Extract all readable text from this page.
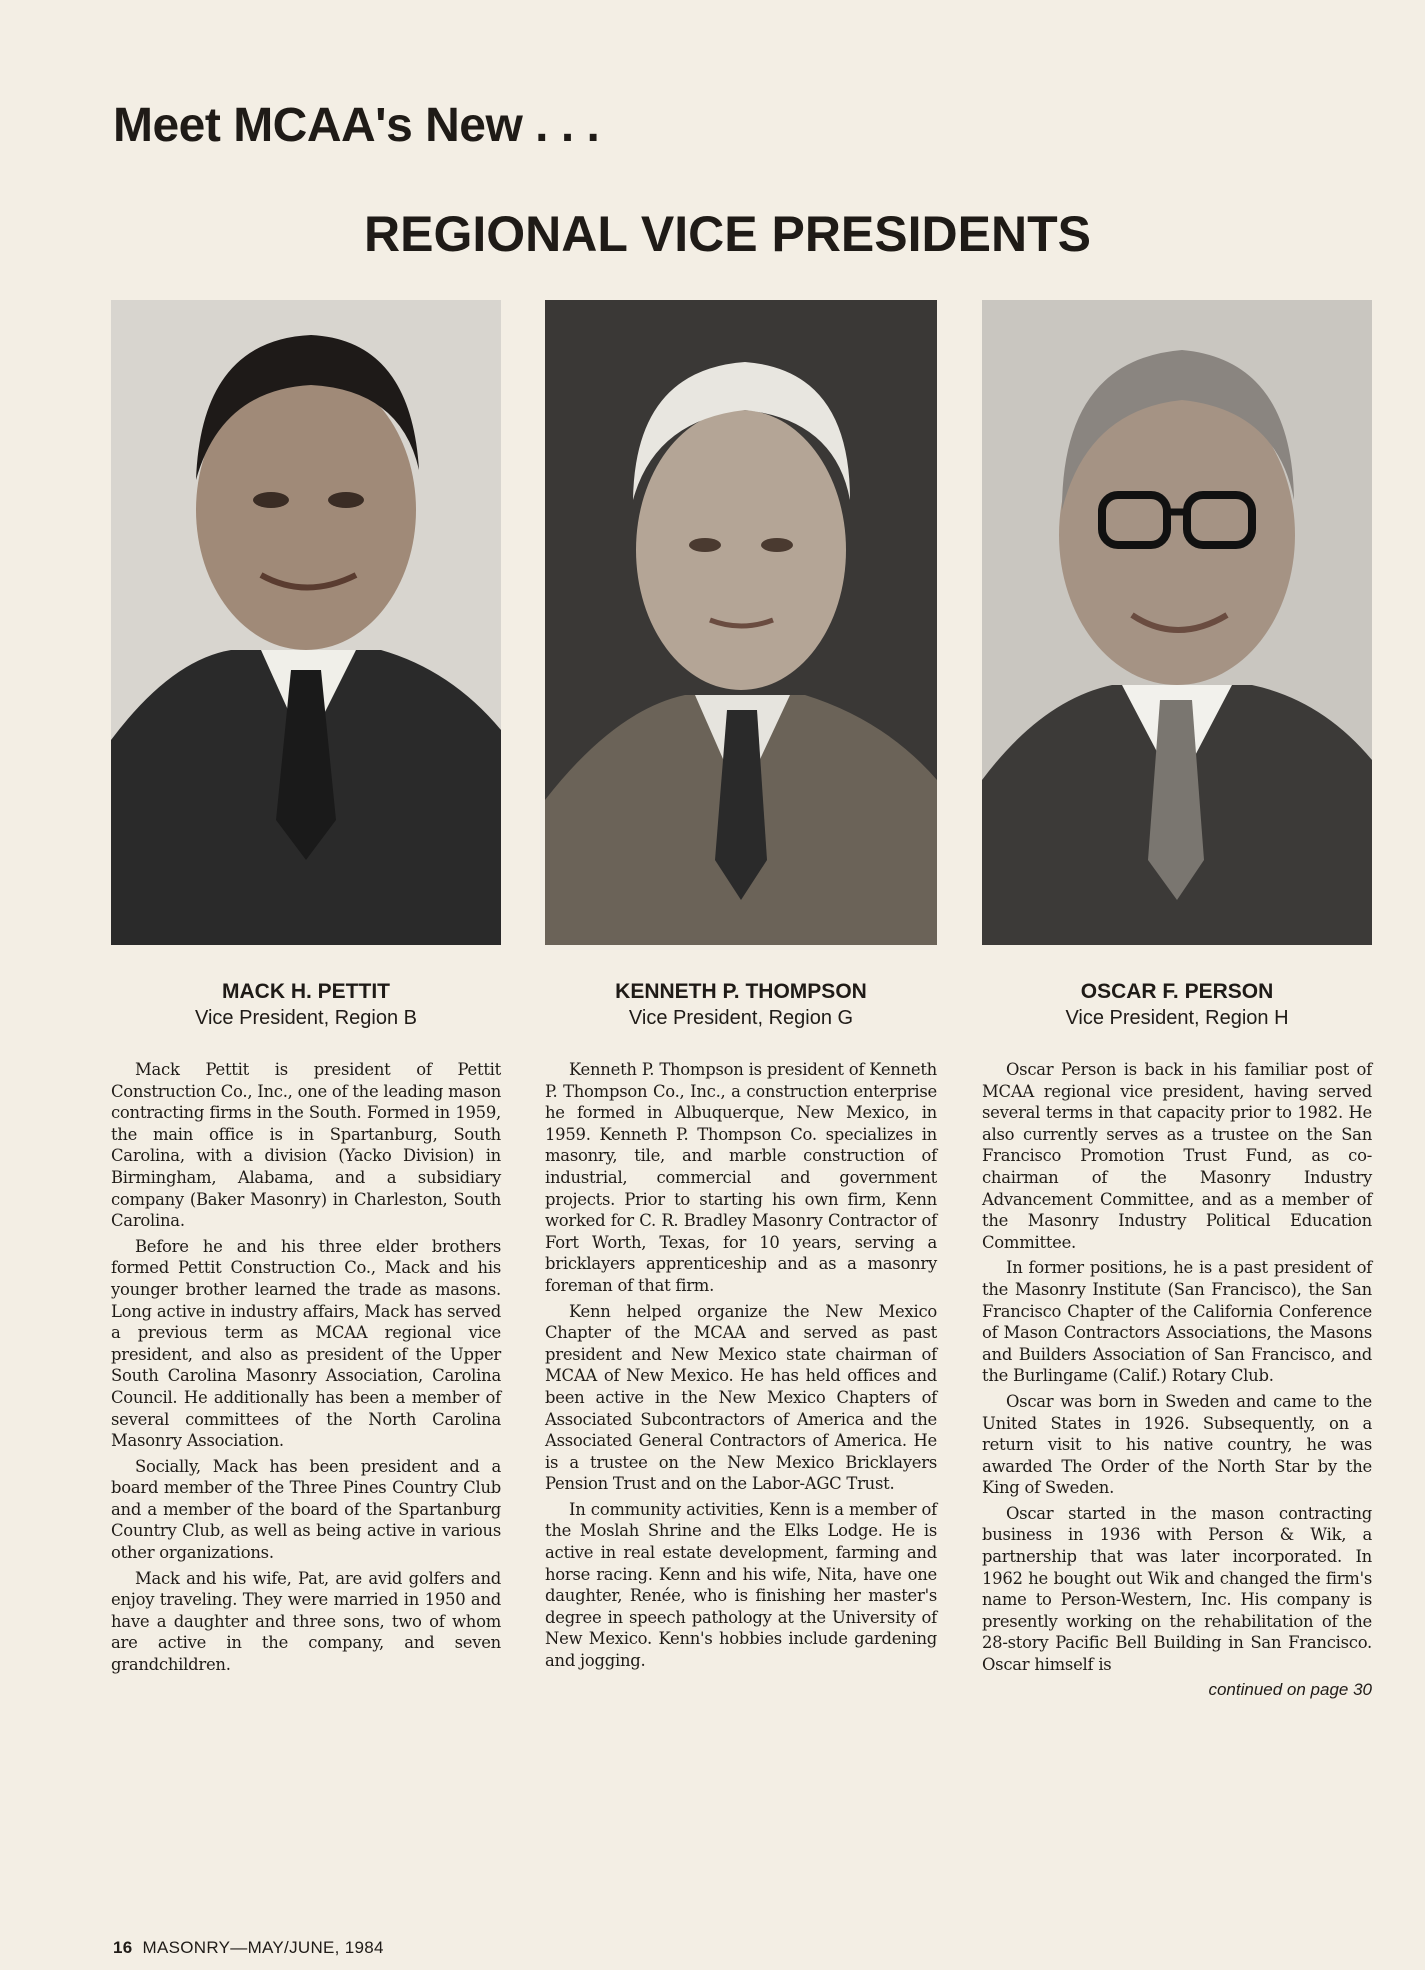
Meet MCAA's New . . .
REGIONAL VICE PRESIDENTS

MACK H. PETTIT

Vice President, Region B

Mack Pettit is president of Pettit Construction Co., Inc., one of the leading mason contracting firms in the South. Formed in 1959, the main office is in Spartanburg, South Carolina, with a division (Yacko Division) in Birmingham, Alabama, and a subsidiary company (Baker Masonry) in Charleston, South Carolina.

Before he and his three elder brothers formed Pettit Construction Co., Mack and his younger brother learned the trade as masons. Long active in industry affairs, Mack has served a previous term as MCAA regional vice president, and also as president of the Upper South Carolina Masonry Association, Carolina Council. He additionally has been a member of several committees of the North Carolina Masonry Association.

Socially, Mack has been president and a board member of the Three Pines Country Club and a member of the board of the Spartanburg Country Club, as well as being active in various other organizations.

Mack and his wife, Pat, are avid golfers and enjoy traveling. They were married in 1950 and have a daughter and three sons, two of whom are active in the company, and seven grandchildren.

KENNETH P. THOMPSON

Vice President, Region G

Kenneth P. Thompson is president of Kenneth P. Thompson Co., Inc., a construction enterprise he formed in Albuquerque, New Mexico, in 1959. Kenneth P. Thompson Co. specializes in masonry, tile, and marble construction of industrial, commercial and government projects. Prior to starting his own firm, Kenn worked for C. R. Bradley Masonry Contractor of Fort Worth, Texas, for 10 years, serving a bricklayers apprenticeship and as a masonry foreman of that firm.

Kenn helped organize the New Mexico Chapter of the MCAA and served as past president and New Mexico state chairman of MCAA of New Mexico. He has held offices and been active in the New Mexico Chapters of Associated Subcontractors of America and the Associated General Contractors of America. He is a trustee on the New Mexico Bricklayers Pension Trust and on the Labor-AGC Trust.

In community activities, Kenn is a member of the Moslah Shrine and the Elks Lodge. He is active in real estate development, farming and horse racing. Kenn and his wife, Nita, have one daughter, Renée, who is finishing her master's degree in speech pathology at the University of New Mexico. Kenn's hobbies include gardening and jogging.

OSCAR F. PERSON

Vice President, Region H

Oscar Person is back in his familiar post of MCAA regional vice president, having served several terms in that capacity prior to 1982. He also currently serves as a trustee on the San Francisco Promotion Trust Fund, as co-chairman of the Masonry Industry Advancement Committee, and as a member of the Masonry Industry Political Education Committee.

In former positions, he is a past president of the Masonry Institute (San Francisco), the San Francisco Chapter of the California Conference of Mason Contractors Associations, the Masons and Builders Association of San Francisco, and the Burlingame (Calif.) Rotary Club.

Oscar was born in Sweden and came to the United States in 1926. Subsequently, on a return visit to his native country, he was awarded The Order of the North Star by the King of Sweden.

Oscar started in the mason contracting business in 1936 with Person & Wik, a partnership that was later incorporated. In 1962 he bought out Wik and changed the firm's name to Person-Western, Inc. His company is presently working on the rehabilitation of the 28-story Pacific Bell Building in San Francisco. Oscar himself is

continued on page 30
16 MASONRY—MAY/JUNE, 1984
